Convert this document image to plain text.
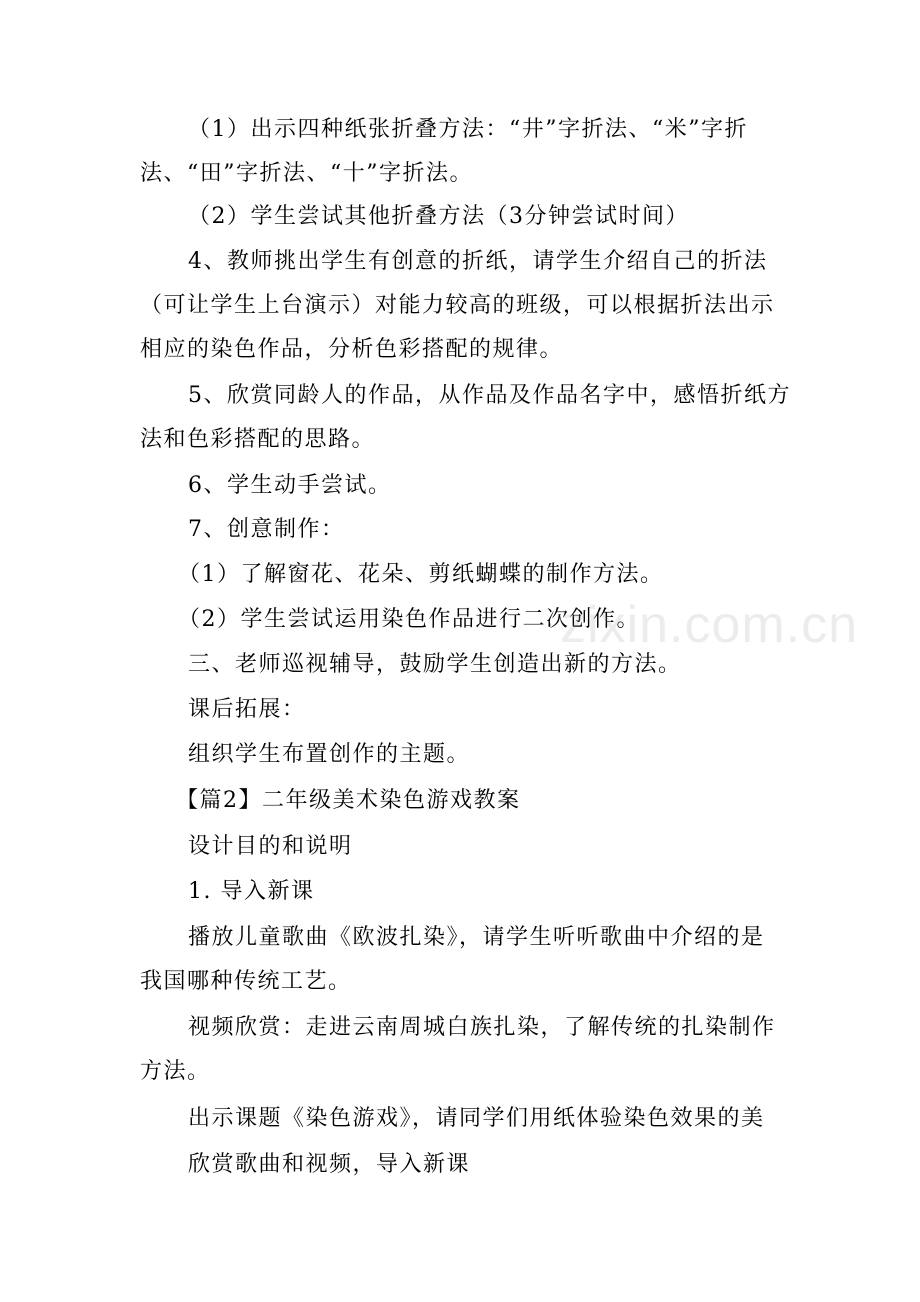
（1）出示四种纸张折叠方法：“井”字折法、“米”字折
法、“田”字折法、“十”字折法。
（2）学生尝试其他折叠方法（3分钟尝试时间）
4、教师挑出学生有创意的折纸，请学生介绍自己的折法
（可让学生上台演示）对能力较高的班级，可以根据折法出示
相应的染色作品，分析色彩搭配的规律。
5、欣赏同龄人的作品，从作品及作品名字中，感悟折纸方
法和色彩搭配的思路。
6、学生动手尝试。
7、创意制作：
（1）了解窗花、花朵、剪纸蝴蝶的制作方法。
（2）学生尝试运用染色作品进行二次创作。
三、老师巡视辅导，鼓励学生创造出新的方法。
课后拓展：
组织学生布置创作的主题。
【篇2】二年级美术染色游戏教案
设计目的和说明
1. 导入新课
播放儿童歌曲《欧波扎染》，请学生听听歌曲中介绍的是
我国哪种传统工艺。
视频欣赏：走进云南周城白族扎染，了解传统的扎染制作
方法。
出示课题《染色游戏》，请同学们用纸体验染色效果的美
欣赏歌曲和视频，导入新课
zixin.com.cn
